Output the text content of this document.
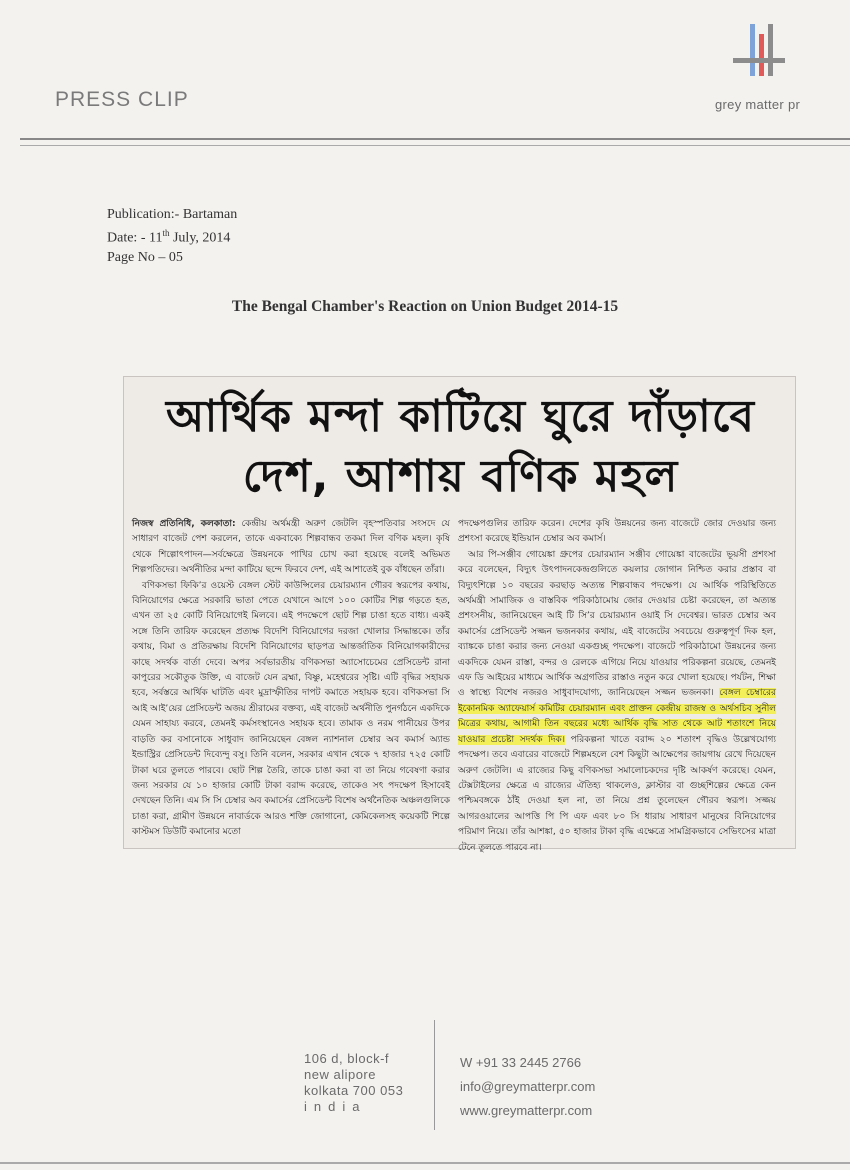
PRESS CLIP	grey matter pr
Publication:- Bartaman
Date: - 11th July, 2014
Page No – 05
The Bengal Chamber's Reaction on Union Budget 2014-15
আর্থিক মন্দা কাটিয়ে ঘুরে দাঁড়াবে
দেশ, আশায় বণিক মহল

নিজস্ব প্রতিনিধি, কলকাতা: কেন্দ্রীয় অর্থমন্ত্রী অরুণ জেটলি বৃহস্পতিবার সংসদে যে সাধারণ বাজেট পেশ করলেন, তাকে একবাক্যে শিল্পবান্ধব তকমা দিল বণিক মহল। কৃষি থেকে শিল্পোৎপাদন—সর্বক্ষেত্রে উন্নয়নকে পাখির চোখ করা হয়েছে বলেই অভিমত শিল্পপতিদের। অর্থনীতির মন্দা কাটিয়ে ছন্দে ফিরবে দেশ, এই আশাতেই বুক বাঁধছেন তাঁরা।

বণিকসভা ফিকি’র ওয়েস্ট বেঙ্গল স্টেট কাউন্সিলের চেয়ারম্যান গৌরব স্বরূপের কথায়, বিনিয়োগের ক্ষেত্রে সরকারি ভাতা পেতে যেখানে আগে ১০০ কোটির শিল্প গড়তে হত, এখন তা ২৫ কোটি বিনিয়োগেই মিলবে। এই পদক্ষেপে ছোট শিল্প চাঙা হতে বাধ্য। একই সঙ্গে তিনি তারিফ করেছেন প্রত্যক্ষ বিদেশি বিনিয়োগের দরজা খোলার সিদ্ধান্তকে। তাঁর কথায়, বিমা ও প্রতিরক্ষায় বিদেশি বিনিয়োগের ছাড়পত্র আন্তর্জাতিক বিনিয়োগকারীদের কাছে সদর্থক বার্তা দেবে। অপর সর্বভারতীয় বণিকসভা অ্যাসোচেমের প্রেসিডেন্ট রানা কাপুরের সকৌতুক উক্তি, এ বাজেট যেন ব্রহ্মা, বিষ্ণু, মহেশ্বরের সৃষ্টি। এটি বৃদ্ধির সহায়ক হবে, সর্বস্তরে আর্থিক ঘাটতি এবং মুদ্রাস্ফীতির দাপট কমাতে সহায়ক হবে। বণিকসভা সি আই আই’য়ের প্রেসিডেন্ট অজয় শ্রীরামের বক্তব্য, এই বাজেট অর্থনীতি পুনর্গঠনে একদিকে যেমন সাহায্য করবে, তেমনই কর্মসংস্থানেও সহায়ক হবে। তামাক ও নরম পানীয়ের উপর বাড়তি কর বসানোকে সাধুবাদ জানিয়েছেন বেঙ্গল ন্যাশনাল চেম্বার অব কমার্স অ্যান্ড ইন্ডাস্ট্রির প্রেসিডেন্ট দিব্যেন্দু বসু। তিনি বলেন, সরকার এখান থেকে ৭ হাজার ৭২৫ কোটি টাকা ঘরে তুলতে পারবে। ছোট শিল্প তৈরি, তাকে চাঙা করা বা তা নিয়ে গবেষণা করার জন্য সরকার যে ১০ হাজার কোটি টাকা বরাদ্দ করেছে, তাকেও সৎ পদক্ষেপ হিসাবেই দেখছেন তিনি। এম সি সি চেম্বার অব কমার্সের প্রেসিডেন্ট বিশেষ অর্থনৈতিক অঞ্চলগুলিকে চাঙা করা, গ্রামীণ উন্নয়নে নাবার্ডকে আরও শক্তি জোগানো, কেমিকেলসহ কয়েকটি শিল্পে কাস্টমস ডিউটি কমানোর মতো

পদক্ষেপগুলির তারিফ করেন। দেশের কৃষি উন্নয়নের জন্য বাজেটে জোর দেওয়ার জন্য প্রশংসা করেছে ইন্ডিয়ান চেম্বার অব কমার্স।

আর পি-সঞ্জীব গোয়েঙ্কা গ্রুপের চেয়ারম্যান সঞ্জীব গোয়েঙ্কা বাজেটের ভূয়সী প্রশংসা করে বলেছেন, বিদ্যুৎ উৎপাদনকেন্দ্রগুলিতে কয়লার জোগান নিশ্চিত করার প্রস্তাব বা বিদ্যুৎশিল্পে ১০ বছরের করছাড় অত্যন্ত শিল্পবান্ধব পদক্ষেপ। যে আর্থিক পরিস্থিতিতে অর্থমন্ত্রী সামাজিক ও বাস্তবিক পরিকাঠামোয় জোর দেওয়ার চেষ্টা করেছেন, তা অত্যন্ত প্রশংসনীয়, জানিয়েছেন আই টি সি’র চেয়ারম্যান ওয়াই সি দেবেশ্বর। ভারত চেম্বার অব কমার্সের প্রেসিডেন্ট সজ্জন ভজনকার কথায়, এই বাজেটের সবচেয়ে গুরুত্বপূর্ণ দিক হল, ব্যাঙ্ককে চাঙা করার জন্য নেওয়া একগুচ্ছ পদক্ষেপ। বাজেটে পরিকাঠামো উন্নয়নের জন্য একদিকে যেমন রাস্তা, বন্দর ও রেলকে এগিয়ে নিয়ে যাওয়ার পরিকল্পনা রয়েছে, তেমনই এফ ডি আইয়ের মাধ্যমে আর্থিক অগ্রগতির রাস্তাও নতুন করে খোলা হয়েছে। পর্যটন, শিক্ষা ও স্বাস্থ্যে বিশেষ নজরও সাধুবাদযোগ্য, জানিয়েছেন সজ্জন ভজনকা। বেঙ্গল চেম্বারের ইকোনমিক অ্যাফেয়ার্স কমিটির চেয়ারম্যান এবং প্রাক্তন কেন্দ্রীয় রাজস্ব ও অর্থসচিব সুনীল মিত্রের কথায়, আগামী তিন বছরের মধ্যে আর্থিক বৃদ্ধি সাত থেকে আট শতাংশে নিয়ে যাওয়ার প্রচেষ্টা সদর্থক দিক। পরিকল্পনা খাতে বরাদ্দ ২০ শতাংশ বৃদ্ধিও উল্লেখযোগ্য পদক্ষেপ। তবে এবারের বাজেটে শিল্পমহলে বেশ কিছুটা আক্ষেপের জায়গায় রেখে দিয়েছেন অরুণ জেটলি। এ রাজ্যের কিছু বণিকসভা সমালোচকদের দৃষ্টি আকর্ষণ করেছে। যেমন, টেক্সটাইলের ক্ষেত্রে এ রাজ্যের ঐতিহ্য থাকলেও, ক্লাস্টার বা গুচ্ছশিল্পের ক্ষেত্রে কেন পশ্চিমবঙ্গকে ঠাঁই দেওয়া হল না, তা নিয়ে প্রশ্ন তুলেছেন গৌরব স্বরূপ। সজ্জয় আগরওয়ালের আপত্তি পি পি এফ এবং ৮০ সি ধারায় সাধারণ মানুষের বিনিয়োগের পরিমাণ নিয়ে। তাঁর আশঙ্কা, ৫০ হাজার টাকা বৃদ্ধি এক্ষেত্রে সামগ্রিকভাবে সেভিংসের মাত্রা টেনে তুলতে পারবে না।

106 d, block-f
new alipore
kolkata 700 053
india
W +91 33 2445 2766
info@greymatterpr.com
www.greymatterpr.com
